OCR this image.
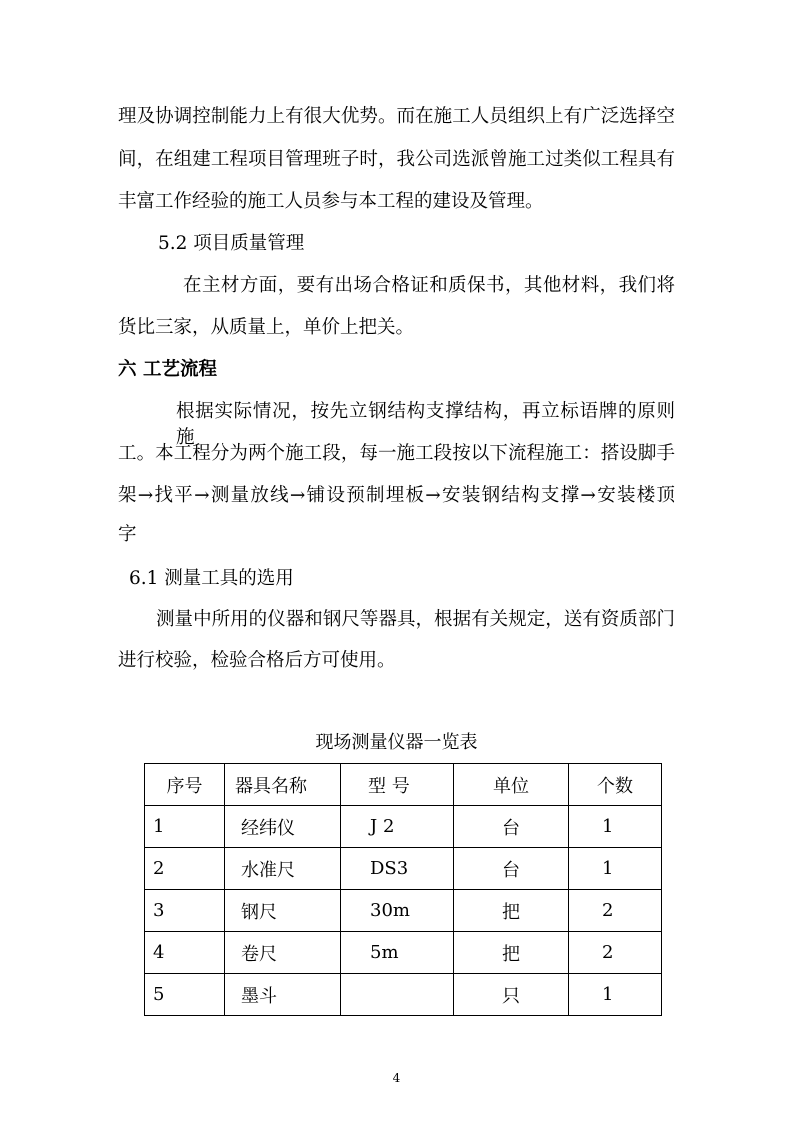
理及协调控制能力上有很大优势。而在施工人员组织上有广泛选择空
间，在组建工程项目管理班子时，我公司选派曾施工过类似工程具有
丰富工作经验的施工人员参与本工程的建设及管理。
5.2 项目质量管理
在主材方面，要有出场合格证和质保书，其他材料，我们将
货比三家，从质量上，单价上把关。
六 工艺流程
根据实际情况，按先立钢结构支撑结构，再立标语牌的原则施
工。本工程分为两个施工段，每一施工段按以下流程施工：搭设脚手
架→找平→测量放线→铺设预制埋板→安装钢结构支撑→安装楼顶
字
6.1 测量工具的选用
测量中所用的仪器和钢尺等器具，根据有关规定，送有资质部门
进行校验，检验合格后方可使用。
现场测量仪器一览表
序号	器具名称	型 号	单位	个数
1	经纬仪	J 2	台	1
2	水准尺	DS3	台	1
3	钢尺	30m	把	2
4	卷尺	5m	把	2
5	墨斗		只	1
4
